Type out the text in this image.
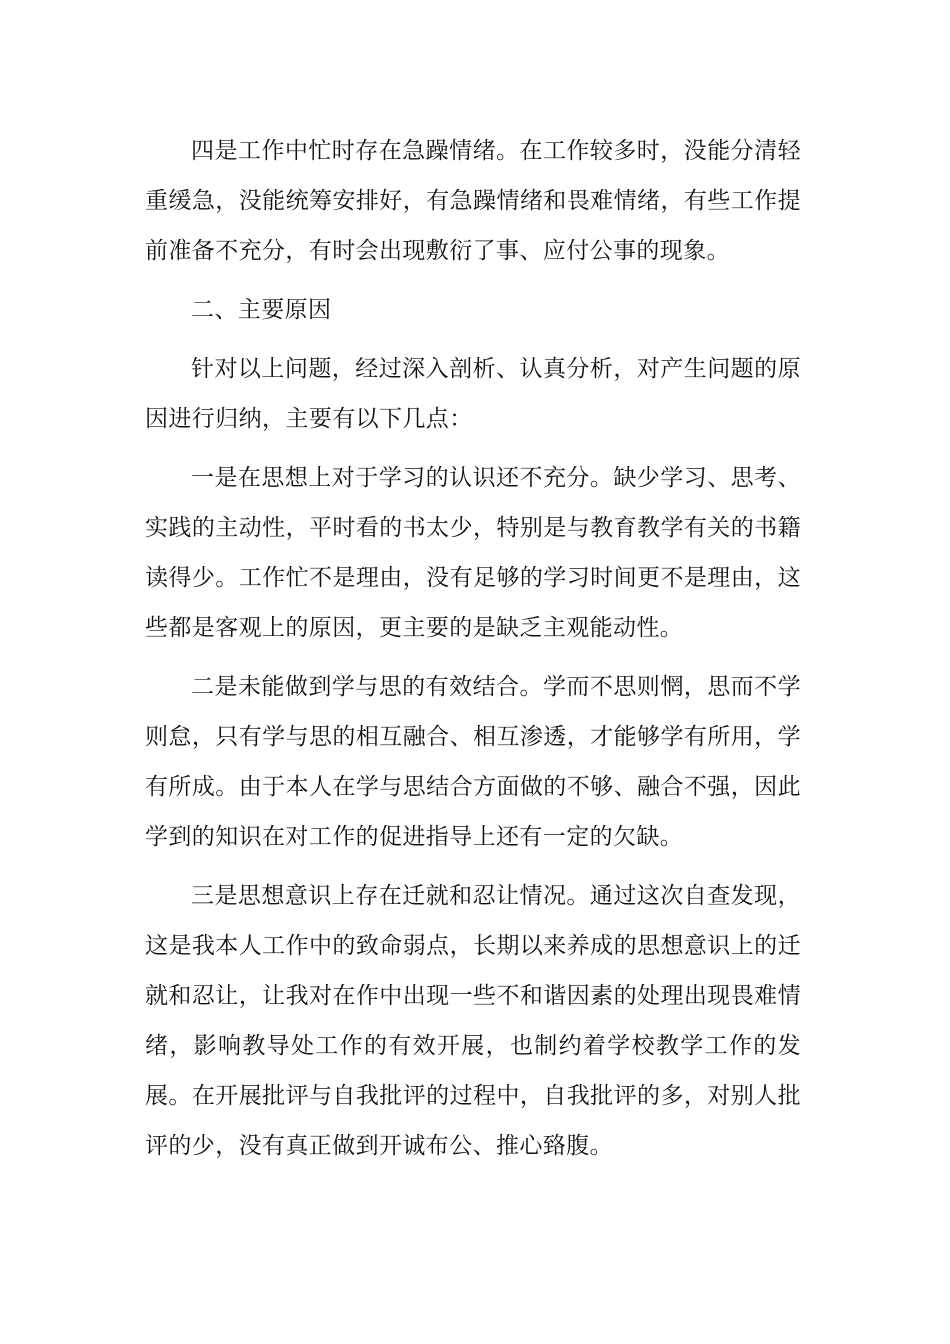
四是工作中忙时存在急躁情绪。在工作较多时，没能分清轻重缓急，没能统筹安排好，有急躁情绪和畏难情绪，有些工作提前准备不充分，有时会出现敷衍了事、应付公事的现象。

二、主要原因

针对以上问题，经过深入剖析、认真分析，对产生问题的原因进行归纳，主要有以下几点：

一是在思想上对于学习的认识还不充分。缺少学习、思考、实践的主动性，平时看的书太少，特别是与教育教学有关的书籍读得少。工作忙不是理由，没有足够的学习时间更不是理由，这些都是客观上的原因，更主要的是缺乏主观能动性。

二是未能做到学与思的有效结合。学而不思则惘，思而不学则怠，只有学与思的相互融合、相互渗透，才能够学有所用，学有所成。由于本人在学与思结合方面做的不够、融合不强，因此学到的知识在对工作的促进指导上还有一定的欠缺。

三是思想意识上存在迁就和忍让情况。通过这次自查发现，这是我本人工作中的致命弱点，长期以来养成的思想意识上的迁就和忍让，让我对在作中出现一些不和谐因素的处理出现畏难情绪，影响教导处工作的有效开展，也制约着学校教学工作的发展。在开展批评与自我批评的过程中，自我批评的多，对别人批评的少，没有真正做到开诚布公、推心臵腹。
